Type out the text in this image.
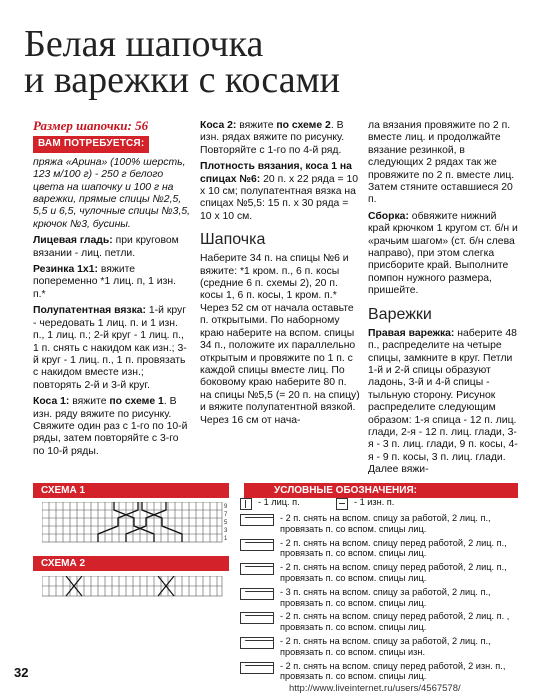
Белая шапочка
и варежки с косами
Размер шапочки: 56
ВАМ ПОТРЕБУЕТСЯ:

пряжа «Арина» (100% шерсть, 123 м/100 г) - 250 г белого цвета на шапочку и 100 г на варежки, прямые спицы №2,5, 5,5 и 6,5, чулочные спицы №3,5, крючок №3, бусины.

Лицевая гладь: при круговом вязании - лиц. петли.

Резинка 1х1: вяжите попеременно *1 лиц. п, 1 изн. п.*

Полупатентная вязка: 1-й круг - чередовать 1 лиц. п. и 1 изн. п., 1 лиц. п.; 2-й круг - 1 лиц. п., 1 п. снять с накидом как изн.; 3-й круг - 1 лиц. п., 1 п. провязать с накидом вместе изн.; повторять 2-й и 3-й круг.

Коса 1: вяжите по схеме 1. В изн. ряду вяжите по рисунку. Свяжите один раз с 1-го по 10-й ряды, затем повторяйте с 3-го по 10-й ряды.

Коса 2: вяжите по схеме 2. В изн. рядах вяжите по рисунку. Повторяйте с 1-го по 4-й ряд.

Плотность вязания, коса 1 на спицах №6: 20 п. х 22 ряда = 10 х 10 см; полупатентная вязка на спицах №5,5: 15 п. х 30 ряда = 10 х 10 см.

Шапочка

Наберите 34 п. на спицы №6 и вяжите: *1 кром. п., 6 п. косы (средние 6 п. схемы 2), 20 п. косы 1, 6 п. косы, 1 кром. п.* Через 52 см от начала оставьте п. открытыми. По наборному краю наберите на вспом. спицы 34 п., положите их параллельно открытым и провяжите по 1 п. с каждой спицы вместе лиц. По боковому краю наберите 80 п. на спицы №5,5 (= 20 п. на спицу) и вяжите полупатентной вязкой. Через 16 см от нача-

ла вязания провяжите по 2 п. вместе лиц. и продолжайте вязание резинкой, в следующих 2 рядах так же провяжите по 2 п. вместе лиц. Затем стяните оставшиеся 20 п.

Сборка: обвяжите нижний край крючком 1 кругом ст. б/н и «рачьим шагом» (ст. б/н слева направо), при этом слегка присборите край. Выполните помпон нужного размера, пришейте.

Варежки

Правая варежка: наберите 48 п., распределите на четыре спицы, замкните в круг. Петли 1-й и 2-й спицы образуют ладонь, 3-й и 4-й спицы - тыльную сторону. Рисунок распределите следующим образом: 1-я спица - 12 п. лиц. глади, 2-я - 12 п. лиц. глади, 3-я - 3 п. лиц. глади, 9 п. косы, 4-я - 9 п. косы, 3 п. лиц. глади. Далее вяжи-

СХЕМА 1
9
7
5
3
1
СХЕМА 2
УСЛОВНЫЕ ОБОЗНАЧЕНИЯ:
- 1 лиц. п.	- 1 изн. п.
- 2 п. снять на вспом. спицу за работой, 2 лиц. п., провязать п. со вспом. спицы лиц.
- 2 п. снять на вспом. спицу перед работой, 2 лиц. п., провязать п. со вспом. спицы лиц.
- 2 п. снять на вспом. спицу перед работой, 2 лиц. п., провязать п. со вспом. спицы лиц.
- 3 п. снять на вспом. спицу за работой, 2 лиц. п., провязать п. со вспом. спицы лиц.
- 2 п. снять на вспом. спицу перед работой, 2 лиц. п. , провязать п. со вспом. спицы лиц.
- 2 п. снять на вспом. спицу за работой, 2 лиц. п., провязать п. со вспом. спицы изн.
- 2 п. снять на вспом. спицу перед работой, 2 изн. п., провязать п. со вспом. спицы лиц.
32
http://www.liveinternet.ru/users/4567578/
